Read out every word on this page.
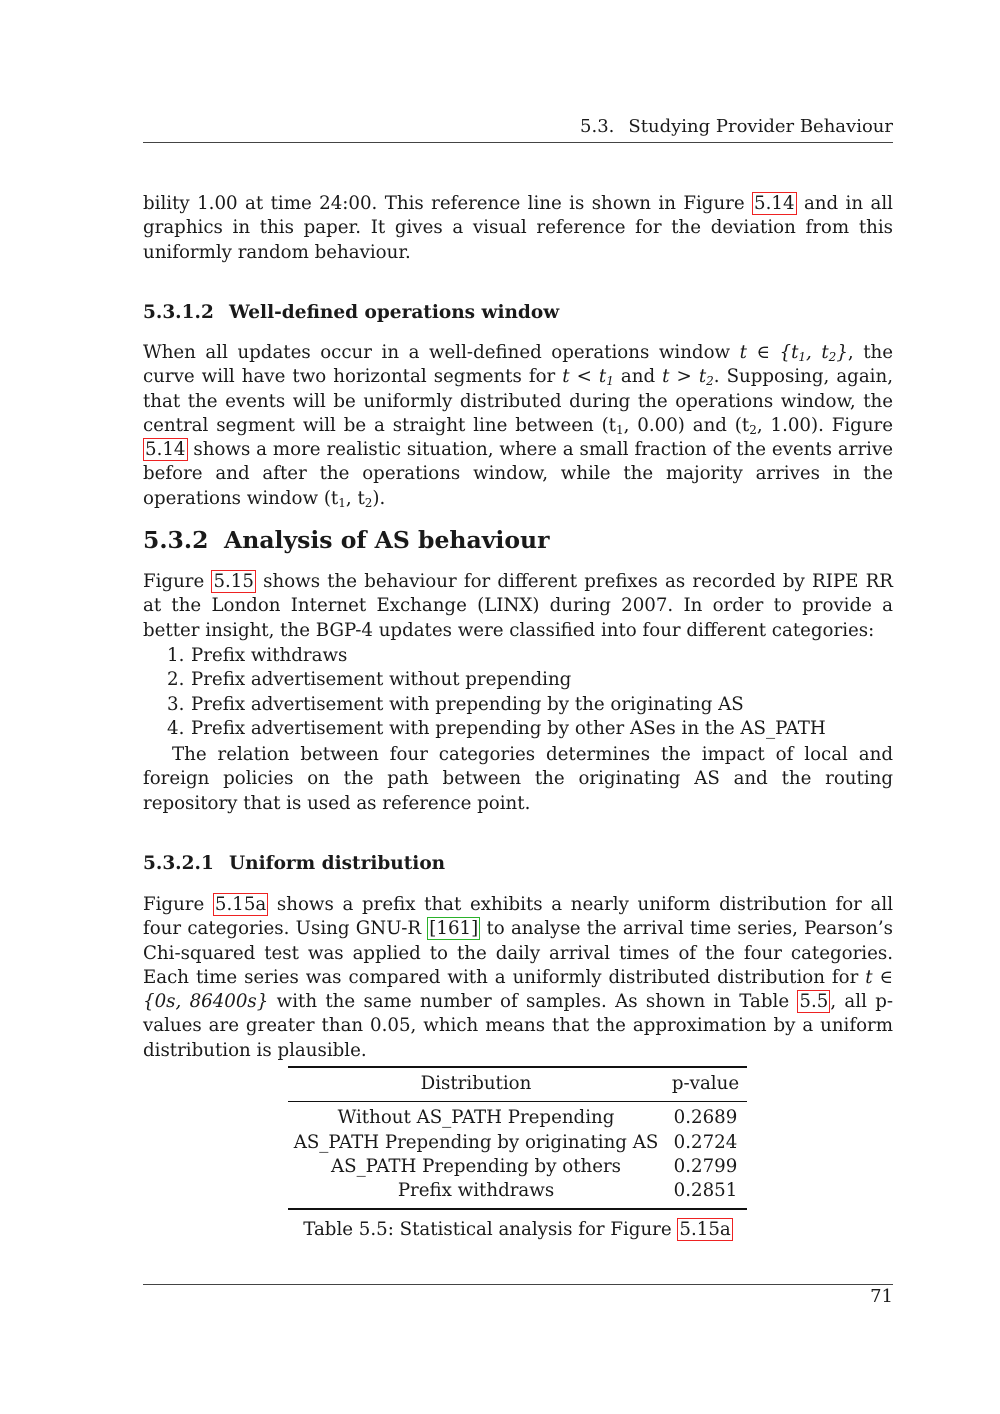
5.3. Studying Provider Behaviour
bility 1.00 at time 24:00. This reference line is shown in Figure 5.14 and in all graphics in this paper. It gives a visual reference for the deviation from this uniformly random behaviour.
5.3.1.2 Well-defined operations window
When all updates occur in a well-defined operations window t ∈ {$t_1$, $t_2$}, the curve will have two horizontal segments for $t < t_1$ and $t > t_2$. Supposing, again, that the events will be uniformly distributed during the operations window, the central segment will be a straight line between ($t_1$, 0.00) and ($t_2$, 1.00). Figure 5.14 shows a more realistic situation, where a small fraction of the events arrive before and after the operations window, while the majority arrives in the operations window ($t_1$, $t_2$).
5.3.2 Analysis of AS behaviour
Figure 5.15 shows the behaviour for different prefixes as recorded by RIPE RR at the London Internet Exchange (LINX) during 2007. In order to provide a better insight, the BGP-4 updates were classified into four different categories:
1. Prefix withdraws
2. Prefix advertisement without prepending
3. Prefix advertisement with prepending by the originating AS
4. Prefix advertisement with prepending by other ASes in the AS_PATH
The relation between four categories determines the impact of local and foreign policies on the path between the originating AS and the routing repository that is used as reference point.
5.3.2.1 Uniform distribution
Figure 5.15a shows a prefix that exhibits a nearly uniform distribution for all four categories. Using GNU-R [161] to analyse the arrival time series, Pearson’s Chi-squared test was applied to the daily arrival times of the four categories. Each time series was compared with a uniformly distributed distribution for t ∈ {0s, 86400s} with the same number of samples. As shown in Table 5.5 , all p-values are greater than 0.05, which means that the approximation by a uniform distribution is plausible.
Distribution	p-value
Without AS_PATH Prepending	0.2689
AS_PATH Prepending by originating AS 0.2724
AS_PATH Prepending by others	0.2799
Prefix withdraws	0.2851
Table 5.5: Statistical analysis for Figure 5.15a
71
